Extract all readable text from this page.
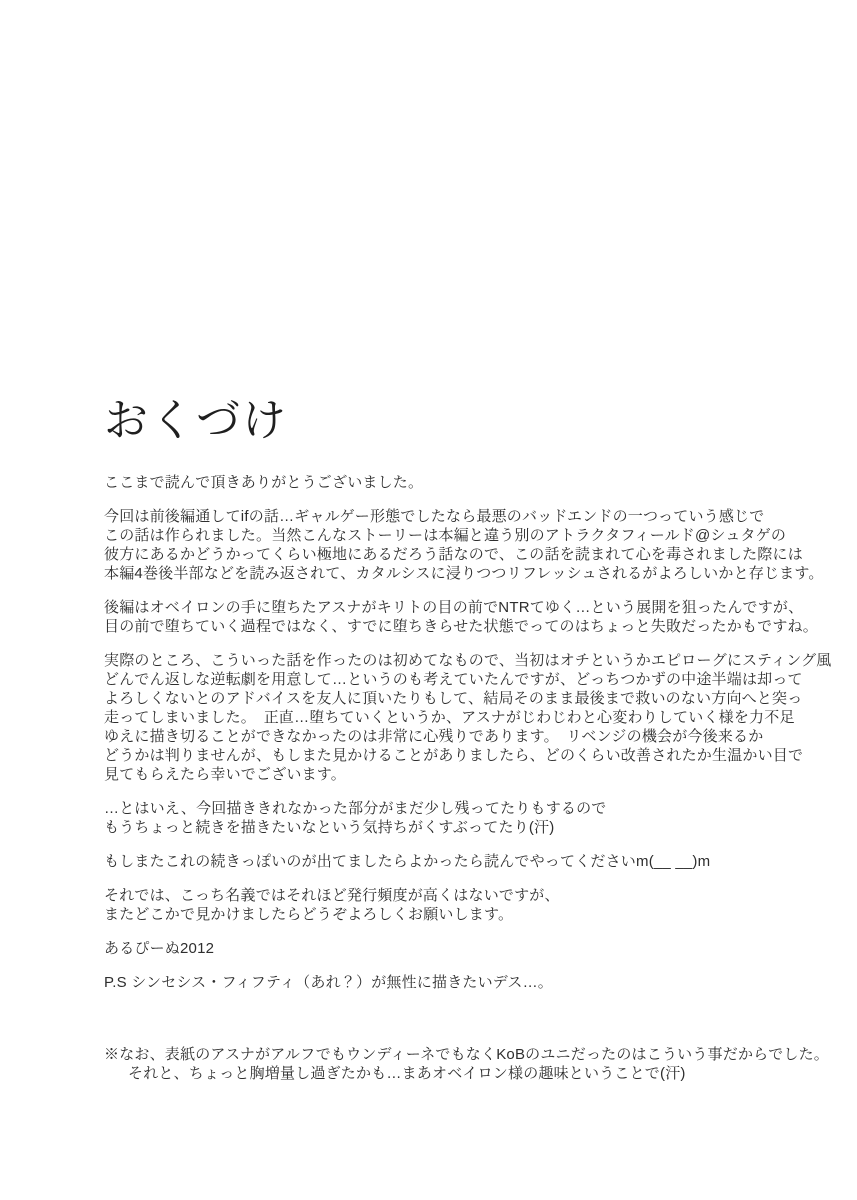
おくづけ
ここまで読んで頂きありがとうございました。
今回は前後編通してifの話…ギャルゲー形態でしたなら最悪のバッドエンドの一つっていう感じで
この話は作られました。当然こんなストーリーは本編と違う別のアトラクタフィールド@シュタゲの
彼方にあるかどうかってくらい極地にあるだろう話なので、この話を読まれて心を毒されました際には
本編4巻後半部などを読み返されて、カタルシスに浸りつつリフレッシュされるがよろしいかと存じます。
後編はオベイロンの手に堕ちたアスナがキリトの目の前でNTRてゆく…という展開を狙ったんですが、
目の前で堕ちていく過程ではなく、すでに堕ちきらせた状態でってのはちょっと失敗だったかもですね。
実際のところ、こういった話を作ったのは初めてなもので、当初はオチというかエピローグにスティング風
どんでん返しな逆転劇を用意して…というのも考えていたんですが、どっちつかずの中途半端は却って
よろしくないとのアドバイスを友人に頂いたりもして、結局そのまま最後まで救いのない方向へと突っ
走ってしまいました。　正直…堕ちていくというか、アスナがじわじわと心変わりしていく様を力不足
ゆえに描き切ることができなかったのは非常に心残りであります。　リベンジの機会が今後来るか
どうかは判りませんが、もしまた見かけることがありましたら、どのくらい改善されたか生温かい目で
見てもらえたら幸いでございます。
…とはいえ、今回描ききれなかった部分がまだ少し残ってたりもするので
もうちょっと続きを描きたいなという気持ちがくすぶってたり(汗)
もしまたこれの続きっぽいのが出てましたらよかったら読んでやってくださいm(__ __)m
それでは、こっち名義ではそれほど発行頻度が高くはないですが、
またどこかで見かけましたらどうぞよろしくお願いします。
あるぴーぬ2012
P.S シンセシス・フィフティ（あれ？）が無性に描きたいデス…。
※なお、表紙のアスナがアルフでもウンディーネでもなくKoBのユニだったのはこういう事だからでした。
それと、ちょっと胸増量し過ぎたかも…まあオベイロン様の趣味ということで(汗)
